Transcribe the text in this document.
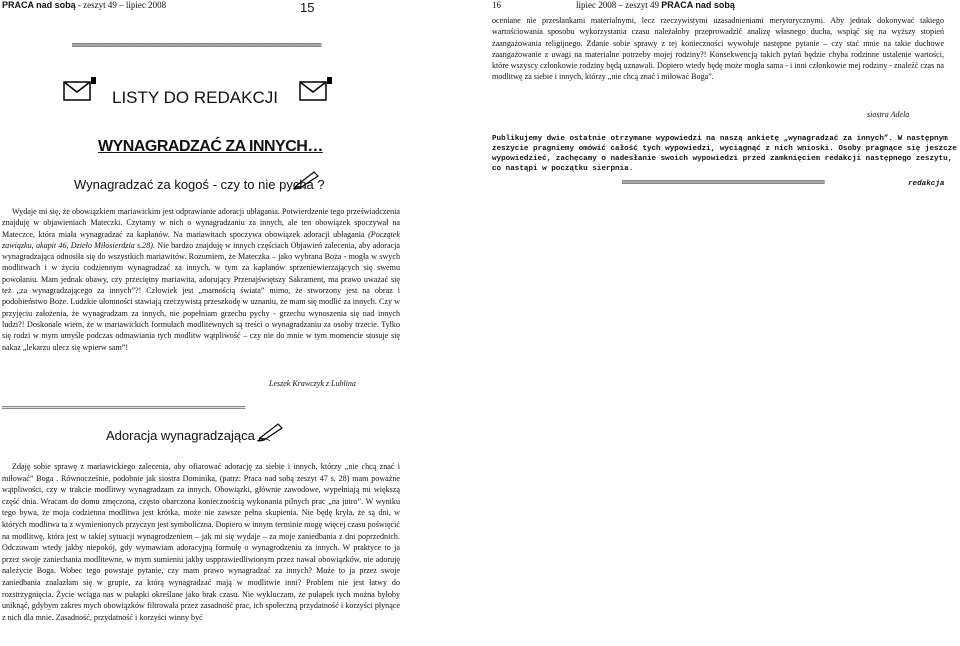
PRACA nad sobą - zeszyt 49 – lipiec 2008	15
════════════════
LISTY DO REDAKCJI
WYNAGRADZAĆ ZA INNYCH…
Wynagradzać za kogoś - czy to nie pycha ?
Wydaje mi się, że obowiązkiem mariawickim jest odprawianie adoracji ubłagania. Potwierdzenie tego przeświadczenia znajduję w objawieniach Mateczki. Czytamy w nich o wynagradzaniu za innych, ale ten obowiązek spoczywał na Mateczce, która miała wynagradzać za kapłanów. Na mariawitach spoczywa obowiązek adoracji ubłagania (Początek zawiązku, akapit 46, Dzieło Miłosierdzia s.28). Nie bardzo znajduję w innych częściach Objawień zalecenia, aby adoracja wynagradzająca odnosiła się do wszystkich mariawitów. Rozumiem, że Mateczka – jako wybrana Boża - mogła w swych modlitwach i w życiu codziennym wynagradzać za innych, w tym za kapłanów sprzeniewierzających się swemu powołaniu. Mam jednak obawy, czy przeciętny mariawita, adorujący Przenajświętszy Sakrament, ma prawo uważać się też „za wynagradzającego za innych”?! Człowiek jest „marnością świata” mimo, że stworzony jest na obraz i podobieństwo Boże. Ludzkie ułomności stawiają rzeczywistą przeszkodę w uznaniu, że mam się modlić za innych. Czy w przyjęciu założenia, że wynagradzam za innych, nie popełniam grzechu pychy - grzechu wynoszenia się nad innych ludzi?! Doskonale wiem, że w mariawickich formułach modlitewnych są treści o wynagradzaniu za osoby trzecie. Tylko się rodzi w mym umyśle podczas odmawiania tych modlitw wątpliwość – czy nie do mnie w tym momencie stosuje się nakaz „lekarzu ulecz się wpierw sam”!
Leszek Krawczyk z Lublina
═══════════════════════════════════════════════
Adoracja wynagradzająca
Zdaję sobie sprawę z mariawickiego zalecenia, aby ofiarować adorację za siebie i innych, którzy „nie chcą znać i miłować” Boga . Równocześnie, podobnie jak siostra Dominika, (patrz: Praca nad sobą zeszyt 47 s. 28) mam poważne wątpliwości, czy w trakcie modlitwy wynagradzam za innych. Obowiązki, głównie zawodowe, wypełniają mi większą część dnia. Wracam do domu zmęczona, często obarczona koniecznością wykonania pilnych prac „na jutro”. W wyniku tego bywa, że moja codzienna modlitwa jest krótka, może nie zawsze pełna skupienia. Nie będę kryła, że są dni, w których modlitwa ta z wymienionych przyczyn jest symboliczna. Dopiero w innym terminie mogę więcej czasu poświęcić na modlitwę, która jest w takiej sytuacji wynagrodzeniem – jak mi się wydaje – za moje zaniedbania z dni poprzednich. Odczuwam wtedy jakby niepokój, gdy wymawiam adoracyjną formułę o wynagrodzeniu za innych. W praktyce to ja przez swoje zaniechania modlitewne, w mym sumieniu jakby uspprawiedliwionym przez nawał obowiązków, nie adoruję należycie Boga. Wobec tego powstaje pytanie, czy mam prawo wynagradzać za innych? Może to ja przez swoje zaniedbania znalazłam się w grupie, za którą wynagradzać mają w modlitwie inni? Problem nie jest łatwy do rozstrzygnięcia. Życie wciąga nas w pułapki określane jako brak czasu. Nie wykluczam, że pułapek tych można byłoby uniknąć, gdybym zakres mych obowiązków filtrowała przez zasadność prac, ich społeczną przydatność i korzyści płynące z nich dla mnie. Zasadność, przydatność i korzyści winny być
16	lipiec 2008 – zeszyt 49 PRACA nad sobą
oceniane nie przesłankami materialnymi, lecz rzeczywistymi uzasadnieniami merytorycznymi. Aby jednak dokonywać takiego wartościowania sposobu wykorzystania czasu należałoby przeprowadzić analizę własnego ducha, wspiąć się na wyższy stopień zaangażowania religijnego. Zdanie sobie sprawy z tej konieczności wywołuje następne pytanie – czy stać mnie na takie duchowe zaangażowanie z uwagi na materialne potrzeby mojej rodziny?! Konsekwencją takich pytań będzie chyba rodzinne ustalenie wartości, które wszyscy członkowie rodziny będą uznawali. Dopiero wtedy będę może mogła sama - i inni członkowie mej rodziny - znaleźć czas na modlitwę za siebie i innych, którzy „nie chcą znać i miłować Boga”.
siostra Adela
Publikujemy dwie ostatnie otrzymane wypowiedzi na naszą ankietę „wynagradzać za innych”. W następnym zeszycie pragniemy omówić całość tych wypowiedzi, wyciągnąć z nich wnioski. Osoby pragnące się jeszcze wypowiedzieć, zachęcamy o nadesłanie swoich wypowiedzi przed zamknięciem redakcji następnego zeszytu, co nastąpi w początku sierpnia.
redakcja
═════════════
